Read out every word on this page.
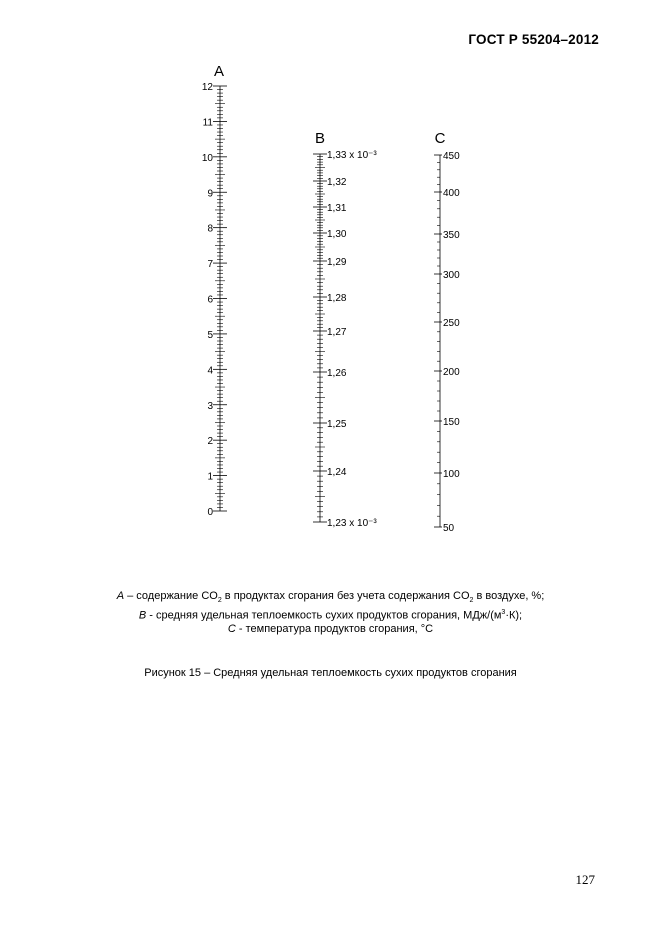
ГОСТ Р 55204–2012
A
0
1
2
3
4
5
6
7
8
9
10
11
12
B
1,33 x 10⁻³
1,32
1,31
1,30
1,29
1,28
1,27
1,26
1,25
1,24
1,23 x 10⁻³
C
450
400
350
300
250
200
150
100
50
A – содержание $CO_2$ в продуктах сгорания без учета содержания $CO_2$ в воздухе, %;
B - средняя удельная теплоемкость сухих продуктов сгорания, МДж/$(м^3\cdot К)$;
C - температура продуктов сгорания, °C
Рисунок 15 – Средняя удельная теплоемкость сухих продуктов сгорания
127
